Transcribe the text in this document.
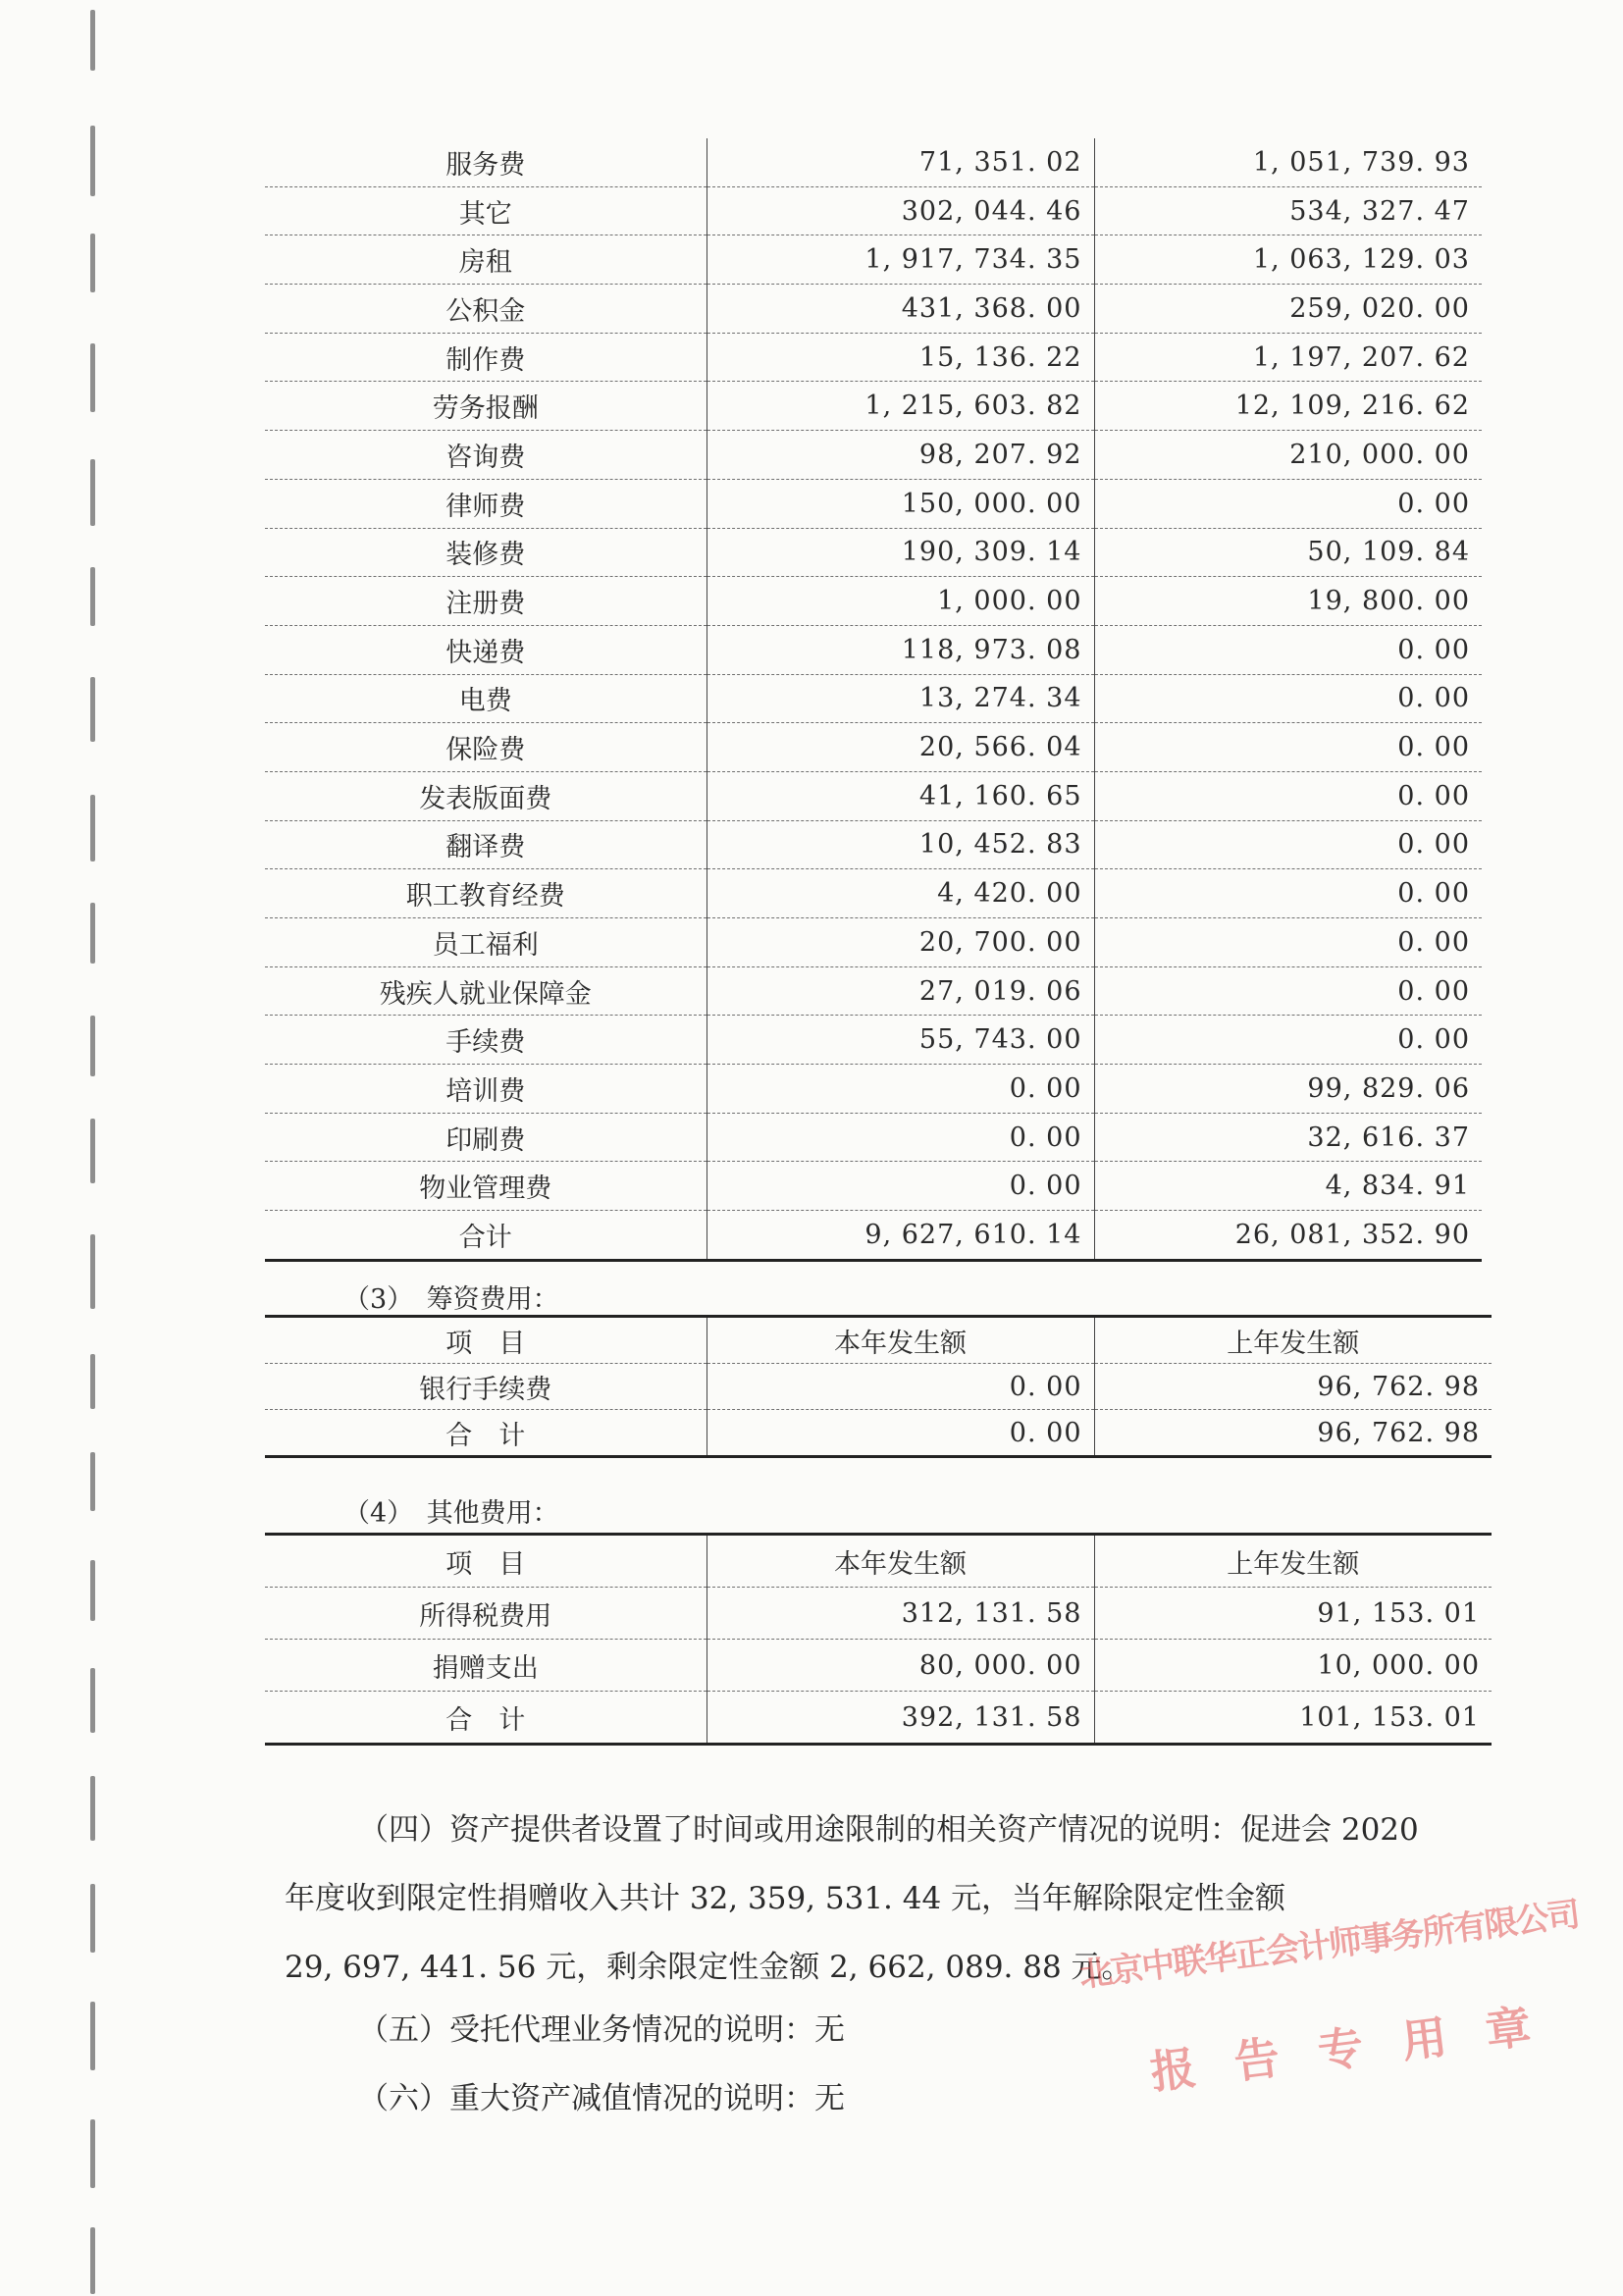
服务费	71, 351. 02	1, 051, 739. 93
其它	302, 044. 46	534, 327. 47
房租	1, 917, 734. 35	1, 063, 129. 03
公积金	431, 368. 00	259, 020. 00
制作费	15, 136. 22	1, 197, 207. 62
劳务报酬	1, 215, 603. 82	12, 109, 216. 62
咨询费	98, 207. 92	210, 000. 00
律师费	150, 000. 00	0. 00
装修费	190, 309. 14	50, 109. 84
注册费	1, 000. 00	19, 800. 00
快递费	118, 973. 08	0. 00
电费	13, 274. 34	0. 00
保险费	20, 566. 04	0. 00
发表版面费	41, 160. 65	0. 00
翻译费	10, 452. 83	0. 00
职工教育经费	4, 420. 00	0. 00
员工福利	20, 700. 00	0. 00
残疾人就业保障金	27, 019. 06	0. 00
手续费	55, 743. 00	0. 00
培训费	0. 00	99, 829. 06
印刷费	0. 00	32, 616. 37
物业管理费	0. 00	4, 834. 91
合计	9, 627, 610. 14	26, 081, 352. 90
（3）　筹资费用：
项　目	本年发生额	上年发生额
银行手续费	0. 00	96, 762. 98
合　计	0. 00	96, 762. 98
（4）　其他费用：
项　目	本年发生额	上年发生额
所得税费用	312, 131. 58	91, 153. 01
捐赠支出	80, 000. 00	10, 000. 00
合　计	392, 131. 58	101, 153. 01
（四）资产提供者设置了时间或用途限制的相关资产情况的说明：促进会 2020
年度收到限定性捐赠收入共计 32, 359, 531. 44 元，当年解除限定性金额
29, 697, 441. 56 元，剩余限定性金额 2, 662, 089. 88 元。
（五）受托代理业务情况的说明：无
（六）重大资产减值情况的说明：无
北京中联华正会计师事务所有限公司
报告专用章
